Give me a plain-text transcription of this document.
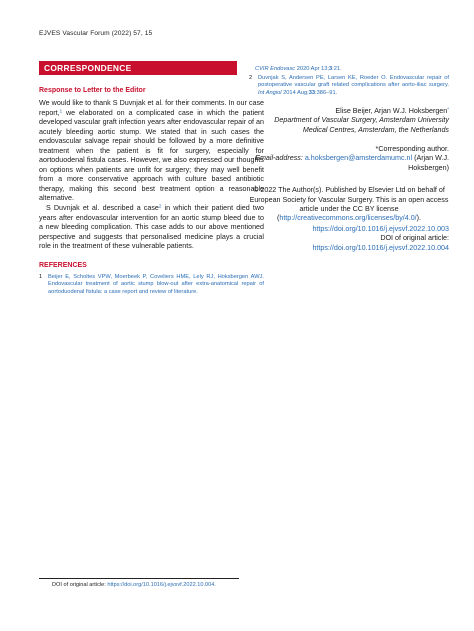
EJVES Vascular Forum (2022) 57, 15
CORRESPONDENCE
Response to Letter to the Editor

We would like to thank S Duvnjak et al. for their comments. In our case report,$^1$ we elaborated on a complicated case in which the patient developed vascular graft infection years after endovascular repair of an acutely bleeding aortic stump. We stated that in such cases the endovascular salvage repair should be followed by a more definitive treatment when the patient is fit for surgery, especially for aortoduodenal fistula cases. However, we also expressed our thoughts on options when patients are unfit for surgery; they may well benefit from a more conservative approach with culture based antibiotic therapy, making this second best treatment option a reasonable alternative.

S Duvnjak et al. described a case$^2$ in which their patient died two years after endovascular intervention for an aortic stump bleed due to a new bleeding complication. This case adds to our above mentioned perspective and suggests that personalised medicine plays a crucial role in the treatment of these vulnerable patients.

REFERENCES
1	Beijer E, Scholtes VPW, Moerbeek P, Coveliers HME, Lely RJ, Hoksbergen AWJ. Endovascular treatment of aortic stump blow-out after extra-anatomical repair of aortoduodenal fistula: a case report and review of literature.

CVIR Endovasc 2020 Apr 13;3:21.

2	Duvnjak S, Andersen PE, Larsen KE, Roeder O. Endovascular repair of postoperative vascular graft related complications after aorto-iliac surgery. Int Angiol 2014 Aug;33:386–91.

Elise Beijer, Arjan W.J. Hoksbergen*

Department of Vascular Surgery, Amsterdam University Medical Centres, Amsterdam, the Netherlands

*Corresponding author.

Email-address: a.hoksbergen@amsterdamumc.nl (Arjan W.J. Hoksbergen)

© 2022 The Author(s). Published by Elsevier Ltd on behalf of European Society for Vascular Surgery. This is an open access article under the CC BY license (http://creativecommons.org/licenses/by/4.0/).

https://doi.org/10.1016/j.ejvsvf.2022.10.003
DOI of original article: https://doi.org/10.1016/j.ejvsvf.2022.10.004

DOI of original article: https://doi.org/10.1016/j.ejvsvf.2022.10.004.
